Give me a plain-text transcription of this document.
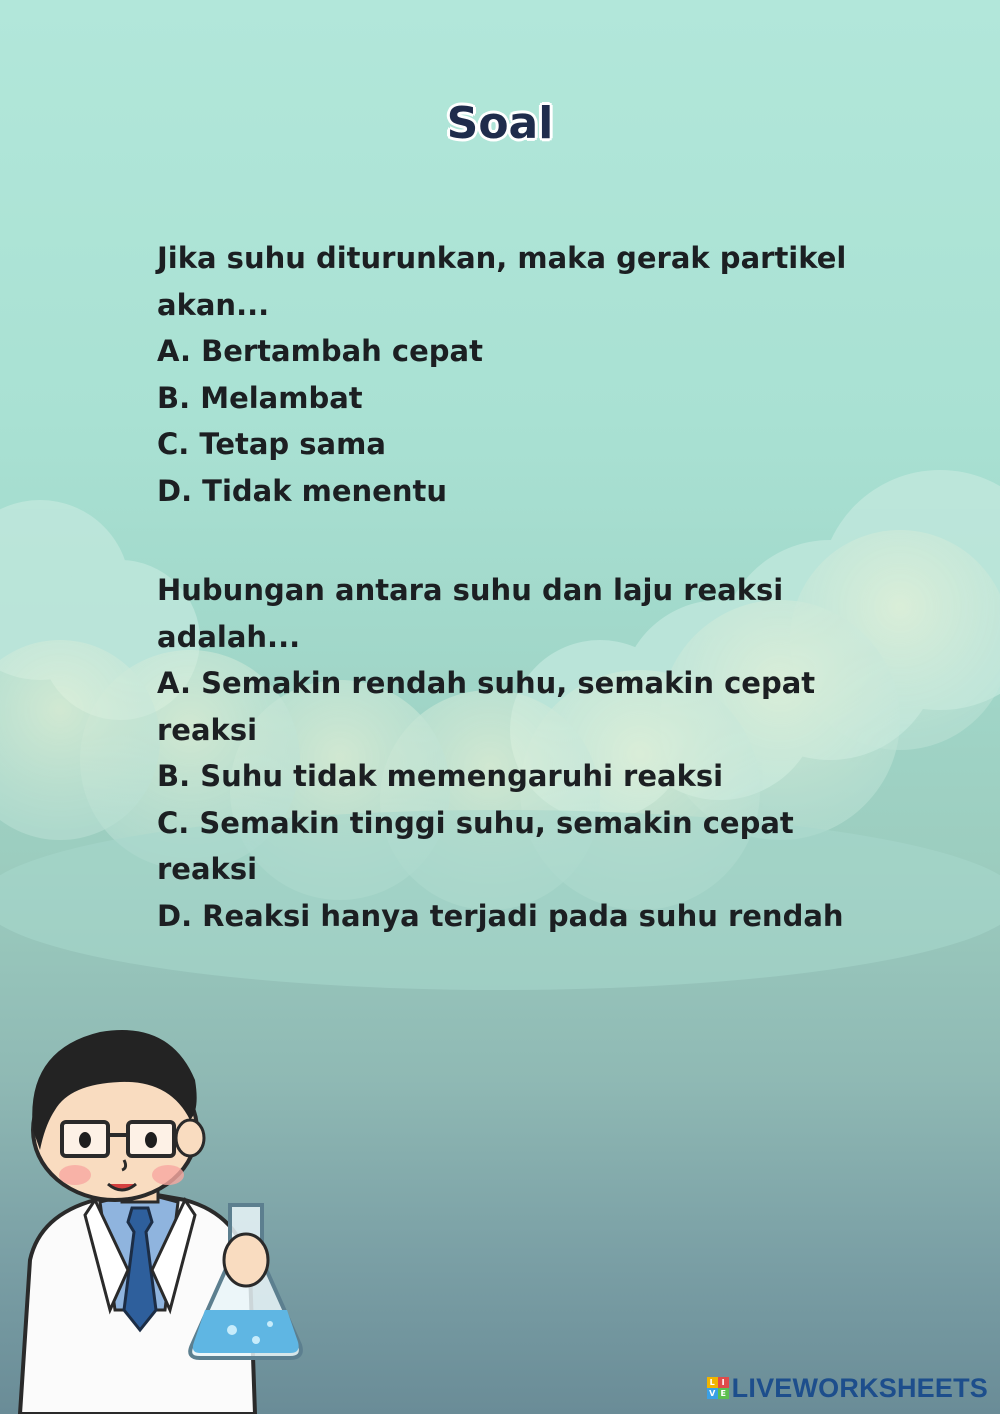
Soal
Jika suhu diturunkan, maka gerak partikel
akan...
A. Bertambah cepat
B. Melambat
C. Tetap sama
D. Tidak menentu
Hubungan antara suhu dan laju reaksi
adalah...
A. Semakin rendah suhu, semakin cepat
reaksi
B. Suhu tidak memengaruhi reaksi
C. Semakin tinggi suhu, semakin cepat
reaksi
D. Reaksi hanya terjadi pada suhu rendah
L I
V E LIVEWORKSHEETS
